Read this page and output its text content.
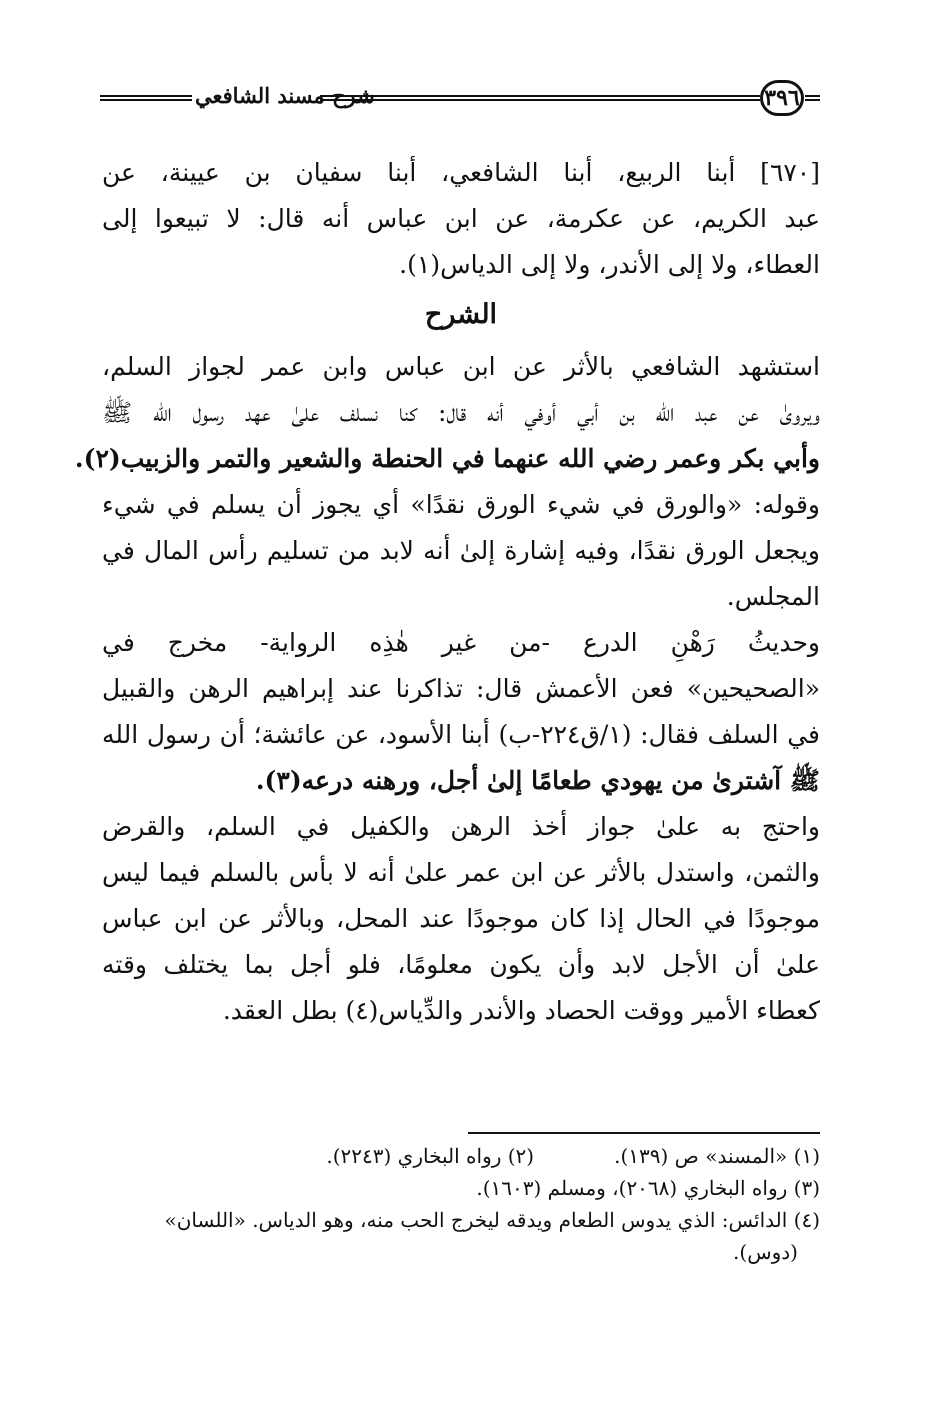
شرح مسند الشافعي	٣٩٦

[٦٧٠] أبنا الربيع، أبنا الشافعي، أبنا سفيان بن عيينة، عن

عبد الكريم، عن عكرمة، عن ابن عباس أنه قال: لا تبيعوا إلى

العطاء، ولا إلى الأندر، ولا إلى الدياس(١).

الشرح

استشهد الشافعي بالأثر عن ابن عباس وابن عمر لجواز السلم،

ويروىٰ عن عبد الله بن أبي أوفي أنه قال: كنا نسلف علىٰ عهد رسول الله ﷺ

وأبي بكر وعمر رضي الله عنهما في الحنطة والشعير والتمر والزبيب(٢).

وقوله: «والورق في شيء الورق نقدًا» أي يجوز أن يسلم في شيء

ويجعل الورق نقدًا، وفيه إشارة إلىٰ أنه لابد من تسليم رأس المال في

المجلس.

وحديثُ رَهْنِ الدرع -من غير هٰذِه الرواية- مخرج في

«الصحيحين» فعن الأعمش قال: تذاكرنا عند إبراهيم الرهن والقبيل

في السلف فقال: (١/ق٢٢٤-ب) أبنا الأسود، عن عائشة؛ أن رسول الله

ﷺ آشترىٰ من يهودي طعامًا إلىٰ أجل، ورهنه درعه(٣).

واحتج به علىٰ جواز أخذ الرهن والكفيل في السلم، والقرض

والثمن، واستدل بالأثر عن ابن عمر علىٰ أنه لا بأس بالسلم فيما ليس

موجودًا في الحال إذا كان موجودًا عند المحل، وبالأثر عن ابن عباس

علىٰ أن الأجل لابد وأن يكون معلومًا، فلو أجل بما يختلف وقته

كعطاء الأمير ووقت الحصاد والأندر والدِّياس(٤) بطل العقد.

(١) «المسند» ص (١٣٩).
(٢) رواه البخاري (٢٢٤٣).

(٣) رواه البخاري (٢٠٦٨)، ومسلم (١٦٠٣).

(٤) الدائس: الذي يدوس الطعام ويدقه ليخرج الحب منه، وهو الدياس. «اللسان»

(دوس).
